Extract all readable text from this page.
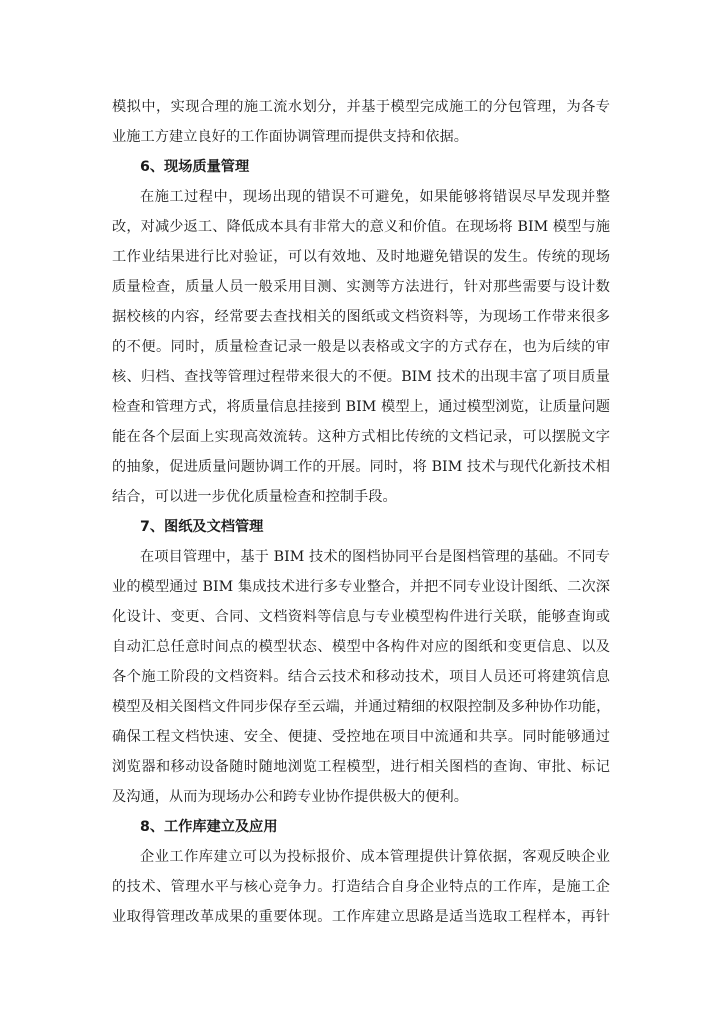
模拟中，实现合理的施工流水划分，并基于模型完成施工的分包管理，为各专
业施工方建立良好的工作面协调管理而提供支持和依据。
6、现场质量管理
在施工过程中，现场出现的错误不可避免，如果能够将错误尽早发现并整
改，对减少返工、降低成本具有非常大的意义和价值。在现场将 BIM 模型与施
工作业结果进行比对验证，可以有效地、及时地避免错误的发生。传统的现场
质量检查，质量人员一般采用目测、实测等方法进行，针对那些需要与设计数
据校核的内容，经常要去查找相关的图纸或文档资料等，为现场工作带来很多
的不便。同时，质量检查记录一般是以表格或文字的方式存在，也为后续的审
核、归档、查找等管理过程带来很大的不便。BIM 技术的出现丰富了项目质量
检查和管理方式，将质量信息挂接到 BIM 模型上，通过模型浏览，让质量问题
能在各个层面上实现高效流转。这种方式相比传统的文档记录，可以摆脱文字
的抽象，促进质量问题协调工作的开展。同时，将 BIM 技术与现代化新技术相
结合，可以进一步优化质量检查和控制手段。
7、图纸及文档管理
在项目管理中，基于 BIM 技术的图档协同平台是图档管理的基础。不同专
业的模型通过 BIM 集成技术进行多专业整合，并把不同专业设计图纸、二次深
化设计、变更、合同、文档资料等信息与专业模型构件进行关联，能够查询或
自动汇总任意时间点的模型状态、模型中各构件对应的图纸和变更信息、以及
各个施工阶段的文档资料。结合云技术和移动技术，项目人员还可将建筑信息
模型及相关图档文件同步保存至云端，并通过精细的权限控制及多种协作功能，
确保工程文档快速、安全、便捷、受控地在项目中流通和共享。同时能够通过
浏览器和移动设备随时随地浏览工程模型，进行相关图档的查询、审批、标记
及沟通，从而为现场办公和跨专业协作提供极大的便利。
8、工作库建立及应用
企业工作库建立可以为投标报价、成本管理提供计算依据，客观反映企业
的技术、管理水平与核心竞争力。打造结合自身企业特点的工作库，是施工企
业取得管理改革成果的重要体现。工作库建立思路是适当选取工程样本，再针
